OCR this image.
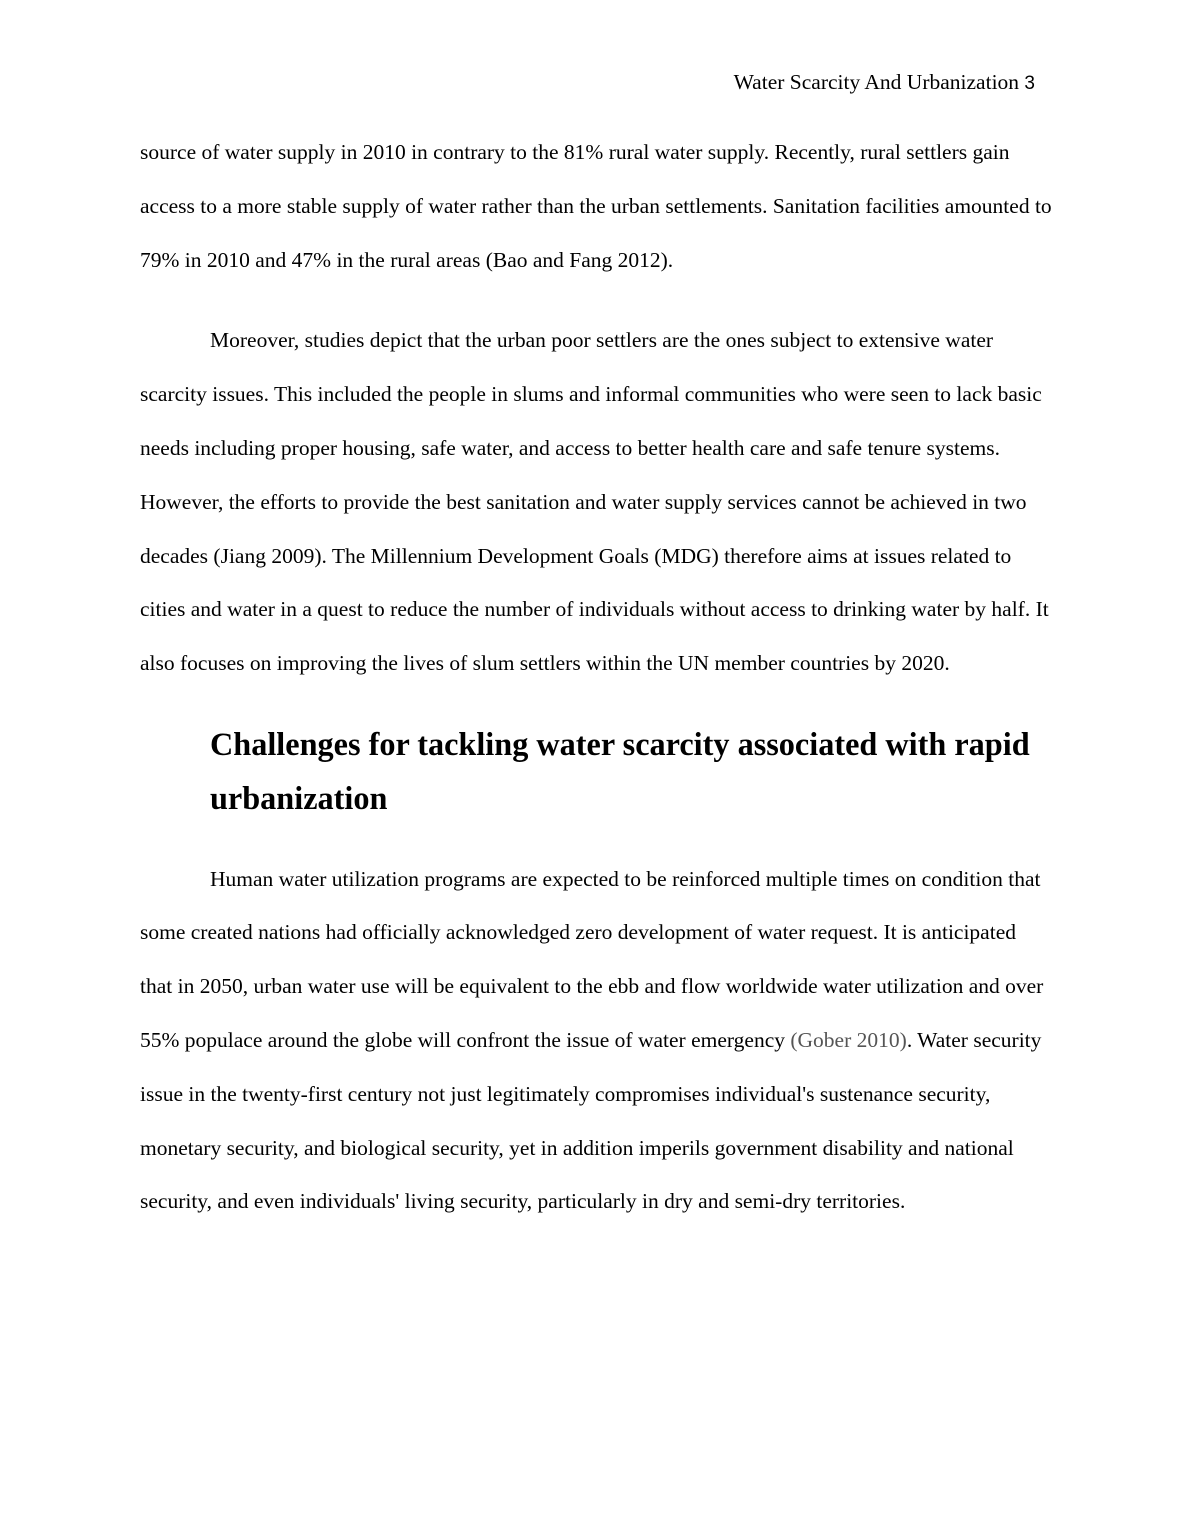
Water Scarcity And Urbanization 3

source of water supply in 2010 in contrary to the 81% rural water supply. Recently, rural settlers gain access to a more stable supply of water rather than the urban settlements. Sanitation facilities amounted to 79% in 2010 and 47% in the rural areas (Bao and Fang 2012).

Moreover, studies depict that the urban poor settlers are the ones subject to extensive water scarcity issues. This included the people in slums and informal communities who were seen to lack basic needs including proper housing, safe water, and access to better health care and safe tenure systems. However, the efforts to provide the best sanitation and water supply services cannot be achieved in two decades (Jiang 2009). The Millennium Development Goals (MDG) therefore aims at issues related to cities and water in a quest to reduce the number of individuals without access to drinking water by half. It also focuses on improving the lives of slum settlers within the UN member countries by 2020.

Challenges for tackling water scarcity associated with rapid urbanization

Human water utilization programs are expected to be reinforced multiple times on condition that some created nations had officially acknowledged zero development of water request. It is anticipated that in 2050, urban water use will be equivalent to the ebb and flow worldwide water utilization and over 55% populace around the globe will confront the issue of water emergency (Gober 2010). Water security issue in the twenty-first century not just legitimately compromises individual's sustenance security, monetary security, and biological security, yet in addition imperils government disability and national security, and even individuals' living security, particularly in dry and semi-dry territories.
